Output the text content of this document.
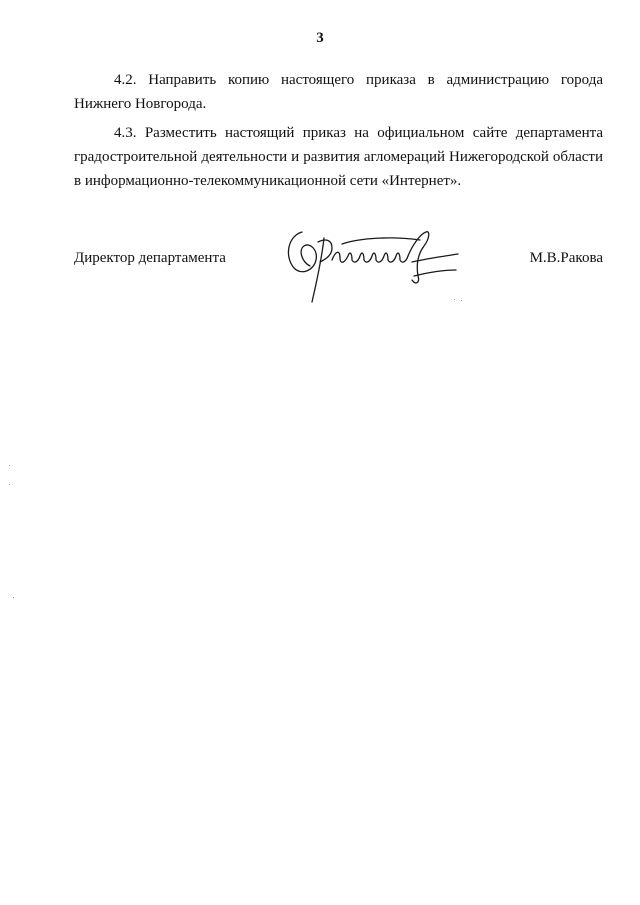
3

4.2. Направить копию настоящего приказа в администрацию города Нижнего Новгорода.

4.3. Разместить настоящий приказ на официальном сайте департамента градостроительной деятельности и развития агломераций Нижегородской области в информационно-телекоммуникационной сети «Интернет».

Директор департамента	М.В.Ракова
